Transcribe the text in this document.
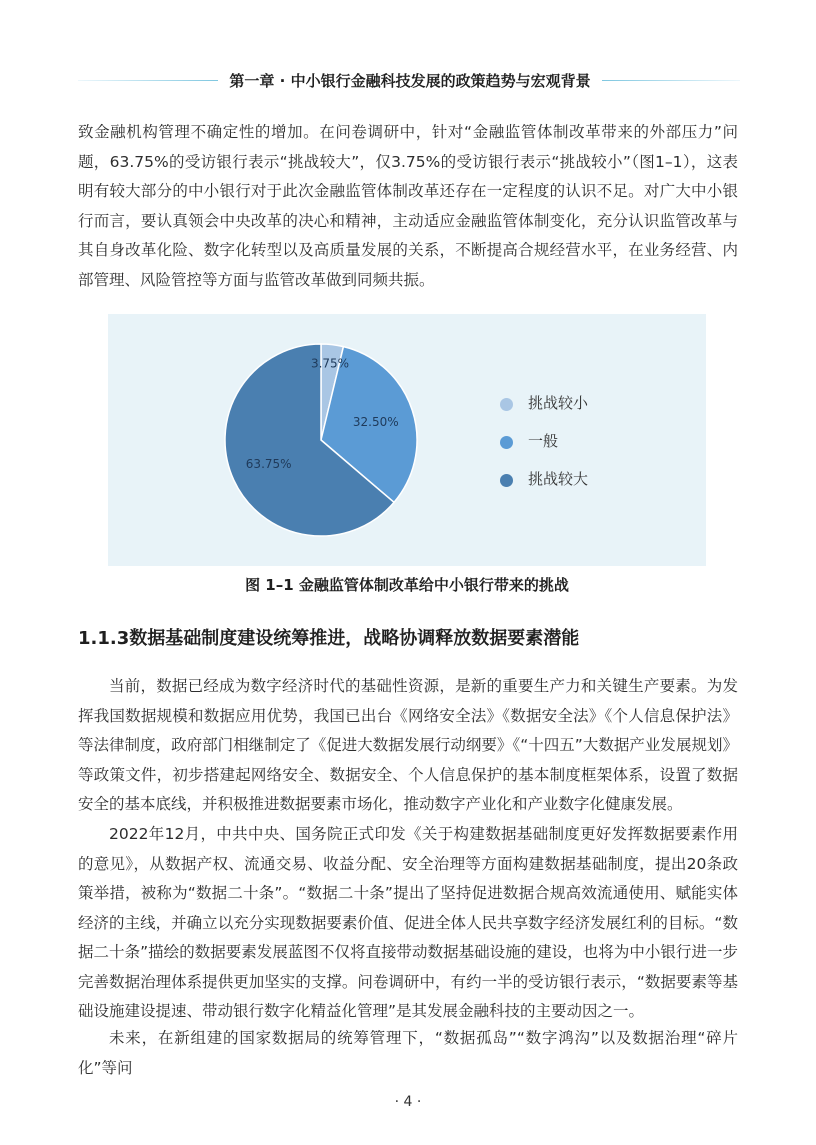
第一章 · 中小银行金融科技发展的政策趋势与宏观背景

致金融机构管理不确定性的增加。在问卷调研中，针对“金融监管体制改革带来的外部压力”问题，63.75%的受访银行表示“挑战较大”，仅3.75%的受访银行表示“挑战较小”（图1–1），这表明有较大部分的中小银行对于此次金融监管体制改革还存在一定程度的认识不足。对广大中小银行而言，要认真领会中央改革的决心和精神，主动适应金融监管体制变化，充分认识监管改革与其自身改革化险、数字化转型以及高质量发展的关系，不断提高合规经营水平，在业务经营、内部管理、风险管控等方面与监管改革做到同频共振。

3.75%
32.50%
63.75%
挑战较小
一般
挑战较大
图 1–1 金融监管体制改革给中小银行带来的挑战
1.1.3数据基础制度建设统筹推进，战略协调释放数据要素潜能

当前，数据已经成为数字经济时代的基础性资源，是新的重要生产力和关键生产要素。为发挥我国数据规模和数据应用优势，我国已出台《网络安全法》《数据安全法》《个人信息保护法》等法律制度，政府部门相继制定了《促进大数据发展行动纲要》《“十四五”大数据产业发展规划》等政策文件，初步搭建起网络安全、数据安全、个人信息保护的基本制度框架体系，设置了数据安全的基本底线，并积极推进数据要素市场化，推动数字产业化和产业数字化健康发展。

2022年12月，中共中央、国务院正式印发《关于构建数据基础制度更好发挥数据要素作用的意见》，从数据产权、流通交易、收益分配、安全治理等方面构建数据基础制度，提出20条政策举措，被称为“数据二十条”。“数据二十条”提出了坚持促进数据合规高效流通使用、赋能实体经济的主线，并确立以充分实现数据要素价值、促进全体人民共享数字经济发展红利的目标。“数据二十条”描绘的数据要素发展蓝图不仅将直接带动数据基础设施的建设，也将为中小银行进一步完善数据治理体系提供更加坚实的支撑。问卷调研中，有约一半的受访银行表示，“数据要素等基础设施建设提速、带动银行数字化精益化管理”是其发展金融科技的主要动因之一。

未来，在新组建的国家数据局的统筹管理下，“数据孤岛”“数字鸿沟”以及数据治理“碎片化”等问

· 4 ·
